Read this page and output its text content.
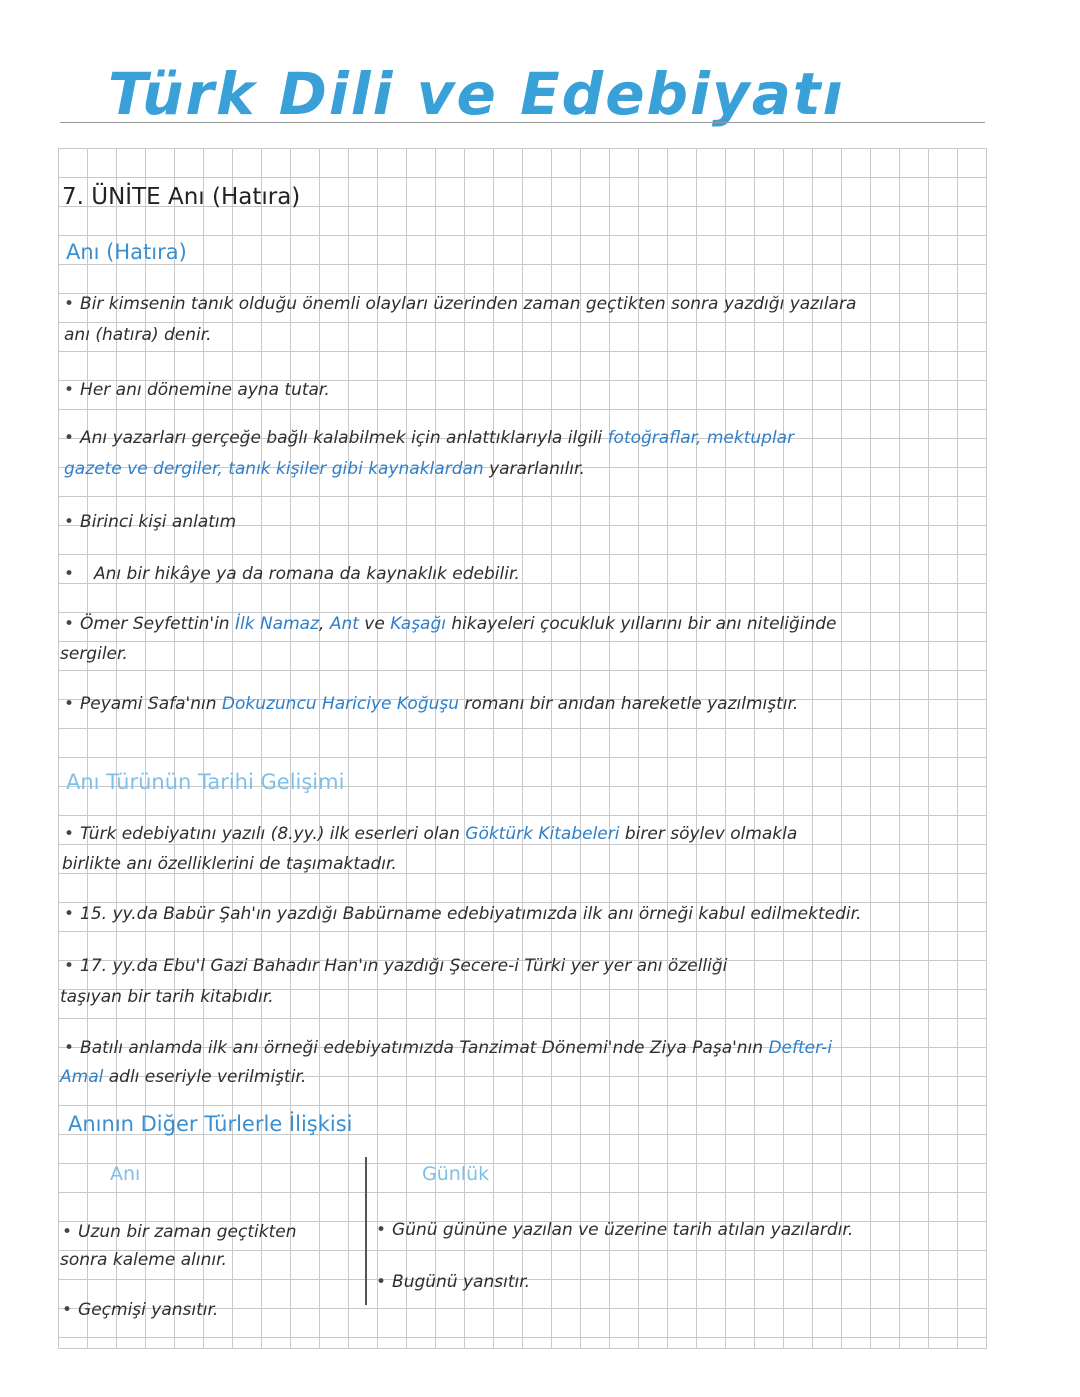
Türk Dili ve Edebiyatı
7. ÜNİTE Anı (Hatıra)
Anı (Hatıra)
• Bir kimsenin tanık olduğu önemli olayları üzerinden zaman geçtikten sonra yazdığı yazılara
anı (hatıra) denir.
• Her anı dönemine ayna tutar.
• Anı yazarları gerçeğe bağlı kalabilmek için anlattıklarıyla ilgili fotoğraflar, mektuplar
gazete ve dergiler, tanık kişiler gibi kaynaklardan yararlanılır.
• Birinci kişi anlatım
• Anı bir hikâye ya da romana da kaynaklık edebilir.
• Ömer Seyfettin'in İlk Namaz, Ant ve Kaşağı hikayeleri çocukluk yıllarını bir anı niteliğinde
sergiler.
• Peyami Safa'nın Dokuzuncu Hariciye Koğuşu romanı bir anıdan hareketle yazılmıştır.
Anı Türünün Tarihi Gelişimi
• Türk edebiyatını yazılı (8.yy.) ilk eserleri olan Göktürk Kitabeleri birer söylev olmakla
birlikte anı özelliklerini de taşımaktadır.
• 15. yy.da Babür Şah'ın yazdığı Babürname edebiyatımızda ilk anı örneği kabul edilmektedir.
• 17. yy.da Ebu'l Gazi Bahadır Han'ın yazdığı Şecere-i Türki yer yer anı özelliği
taşıyan bir tarih kitabıdır.
• Batılı anlamda ilk anı örneği edebiyatımızda Tanzimat Dönemi'nde Ziya Paşa'nın Defter-i
Amal adlı eseriyle verilmiştir.
Anının Diğer Türlerle İlişkisi
Anı	Günlük
• Uzun bir zaman geçtikten
sonra kaleme alınır.
• Geçmişi yansıtır.
• Günü gününe yazılan ve üzerine tarih atılan yazılardır.
• Bugünü yansıtır.
